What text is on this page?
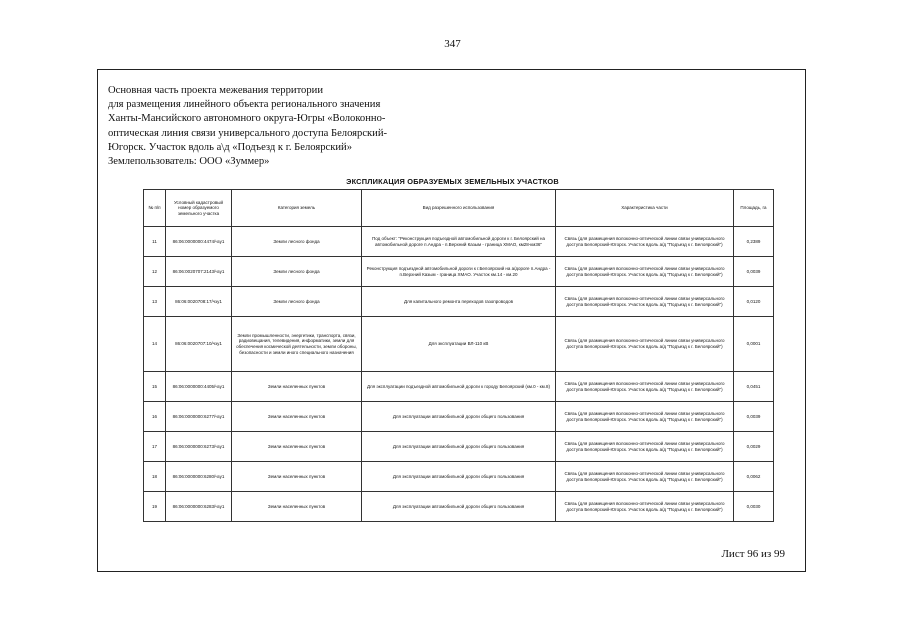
347
Основная часть проекта межевания территории
для размещения линейного объекта регионального значения
Ханты-Мансийского автономного округа-Югры «Волоконно-
оптическая линия связи универсального доступа Белоярский-
Югорск. Участок вдоль а\д «Подъезд к г. Белоярский»
Землепользователь: ООО «Зуммер»
ЭКСПЛИКАЦИЯ ОБРАЗУЕМЫХ ЗЕМЕЛЬНЫХ УЧАСТКОВ
№ п/п	Условный кадастровый номер образуемого земельного участка	Категория земель	Вид разрешенного использования	Характеристика части	Площадь, га
11	86:06:0000000:4474/чзу1	Земли лесного фонда	Под объект: "Реконструкция подъездной автомобильной дороги к г. Белоярский на автомобильной дороге п.Андра - п.Верхний Казым - граница ХМАО, км28-км36"	Связь (для размещения волоконно-оптической линии связи универсального доступа Белоярский-Югорск. Участок вдоль а/д "Подъезд к г. Белоярский")	0,2389
12	86:06:0020707:2143/чзу1	Земли лесного фонда	Реконструкция подъездной автомобильной дороги к г.Белоярский на а/дороге п.Андра - п.Верхний Казым - граница ХМАО. Участок км.14 - км.20	Связь (для размещения волоконно-оптической линии связи универсального доступа Белоярский-Югорск. Участок вдоль а/д "Подъезд к г. Белоярский")	0,0039
13	86:06:0020708:17/чзу1	Земли лесного фонда	Для капитального ремонта переходов газопроводов	Связь (для размещения волоконно-оптической линии связи универсального доступа Белоярский-Югорск. Участок вдоль а/д "Подъезд к г. Белоярский")	0,0120
14	86:06:0020707:10/чзу1	Земли промышленности, энергетики, транспорта, связи, радиовещания, телевидения, информатики, земли для обеспечения космической деятельности, земли обороны, безопасности и земли иного специального назначения	Для эксплуатации ВЛ-110 кВ	Связь (для размещения волоконно-оптической линии связи универсального доступа Белоярский-Югорск. Участок вдоль а/д "Подъезд к г. Белоярский")	0,0001
15	86:06:0000000:4405/чзу1	Земли населенных пунктов	Для эксплуатации подъездной автомобильной дороги к городу Белоярский (км.0 - км.8)	Связь (для размещения волоконно-оптической линии связи универсального доступа Белоярский-Югорск. Участок вдоль а/д "Подъезд к г. Белоярский")	0,0451
16	86:06:0000000:6277/чзу1	Земли населенных пунктов	Для эксплуатации автомобильной дороги общего пользования	Связь (для размещения волоконно-оптической линии связи универсального доступа Белоярский-Югорск. Участок вдоль а/д "Подъезд к г. Белоярский")	0,0039
17	86:06:0000000:6273/чзу1	Земли населенных пунктов	Для эксплуатации автомобильной дороги общего пользования	Связь (для размещения волоконно-оптической линии связи универсального доступа Белоярский-Югорск. Участок вдоль а/д "Подъезд к г. Белоярский")	0,0029
18	86:06:0000000:6280/чзу1	Земли населенных пунктов	Для эксплуатации автомобильной дороги общего пользования	Связь (для размещения волоконно-оптической линии связи универсального доступа Белоярский-Югорск. Участок вдоль а/д "Подъезд к г. Белоярский")	0,0062
19	86:06:0000000:6283/чзу1	Земли населенных пунктов	Для эксплуатации автомобильной дороги общего пользования	Связь (для размещения волоконно-оптической линии связи универсального доступа Белоярский-Югорск. Участок вдоль а/д "Подъезд к г. Белоярский")	0,0030
Лист 96 из 99
